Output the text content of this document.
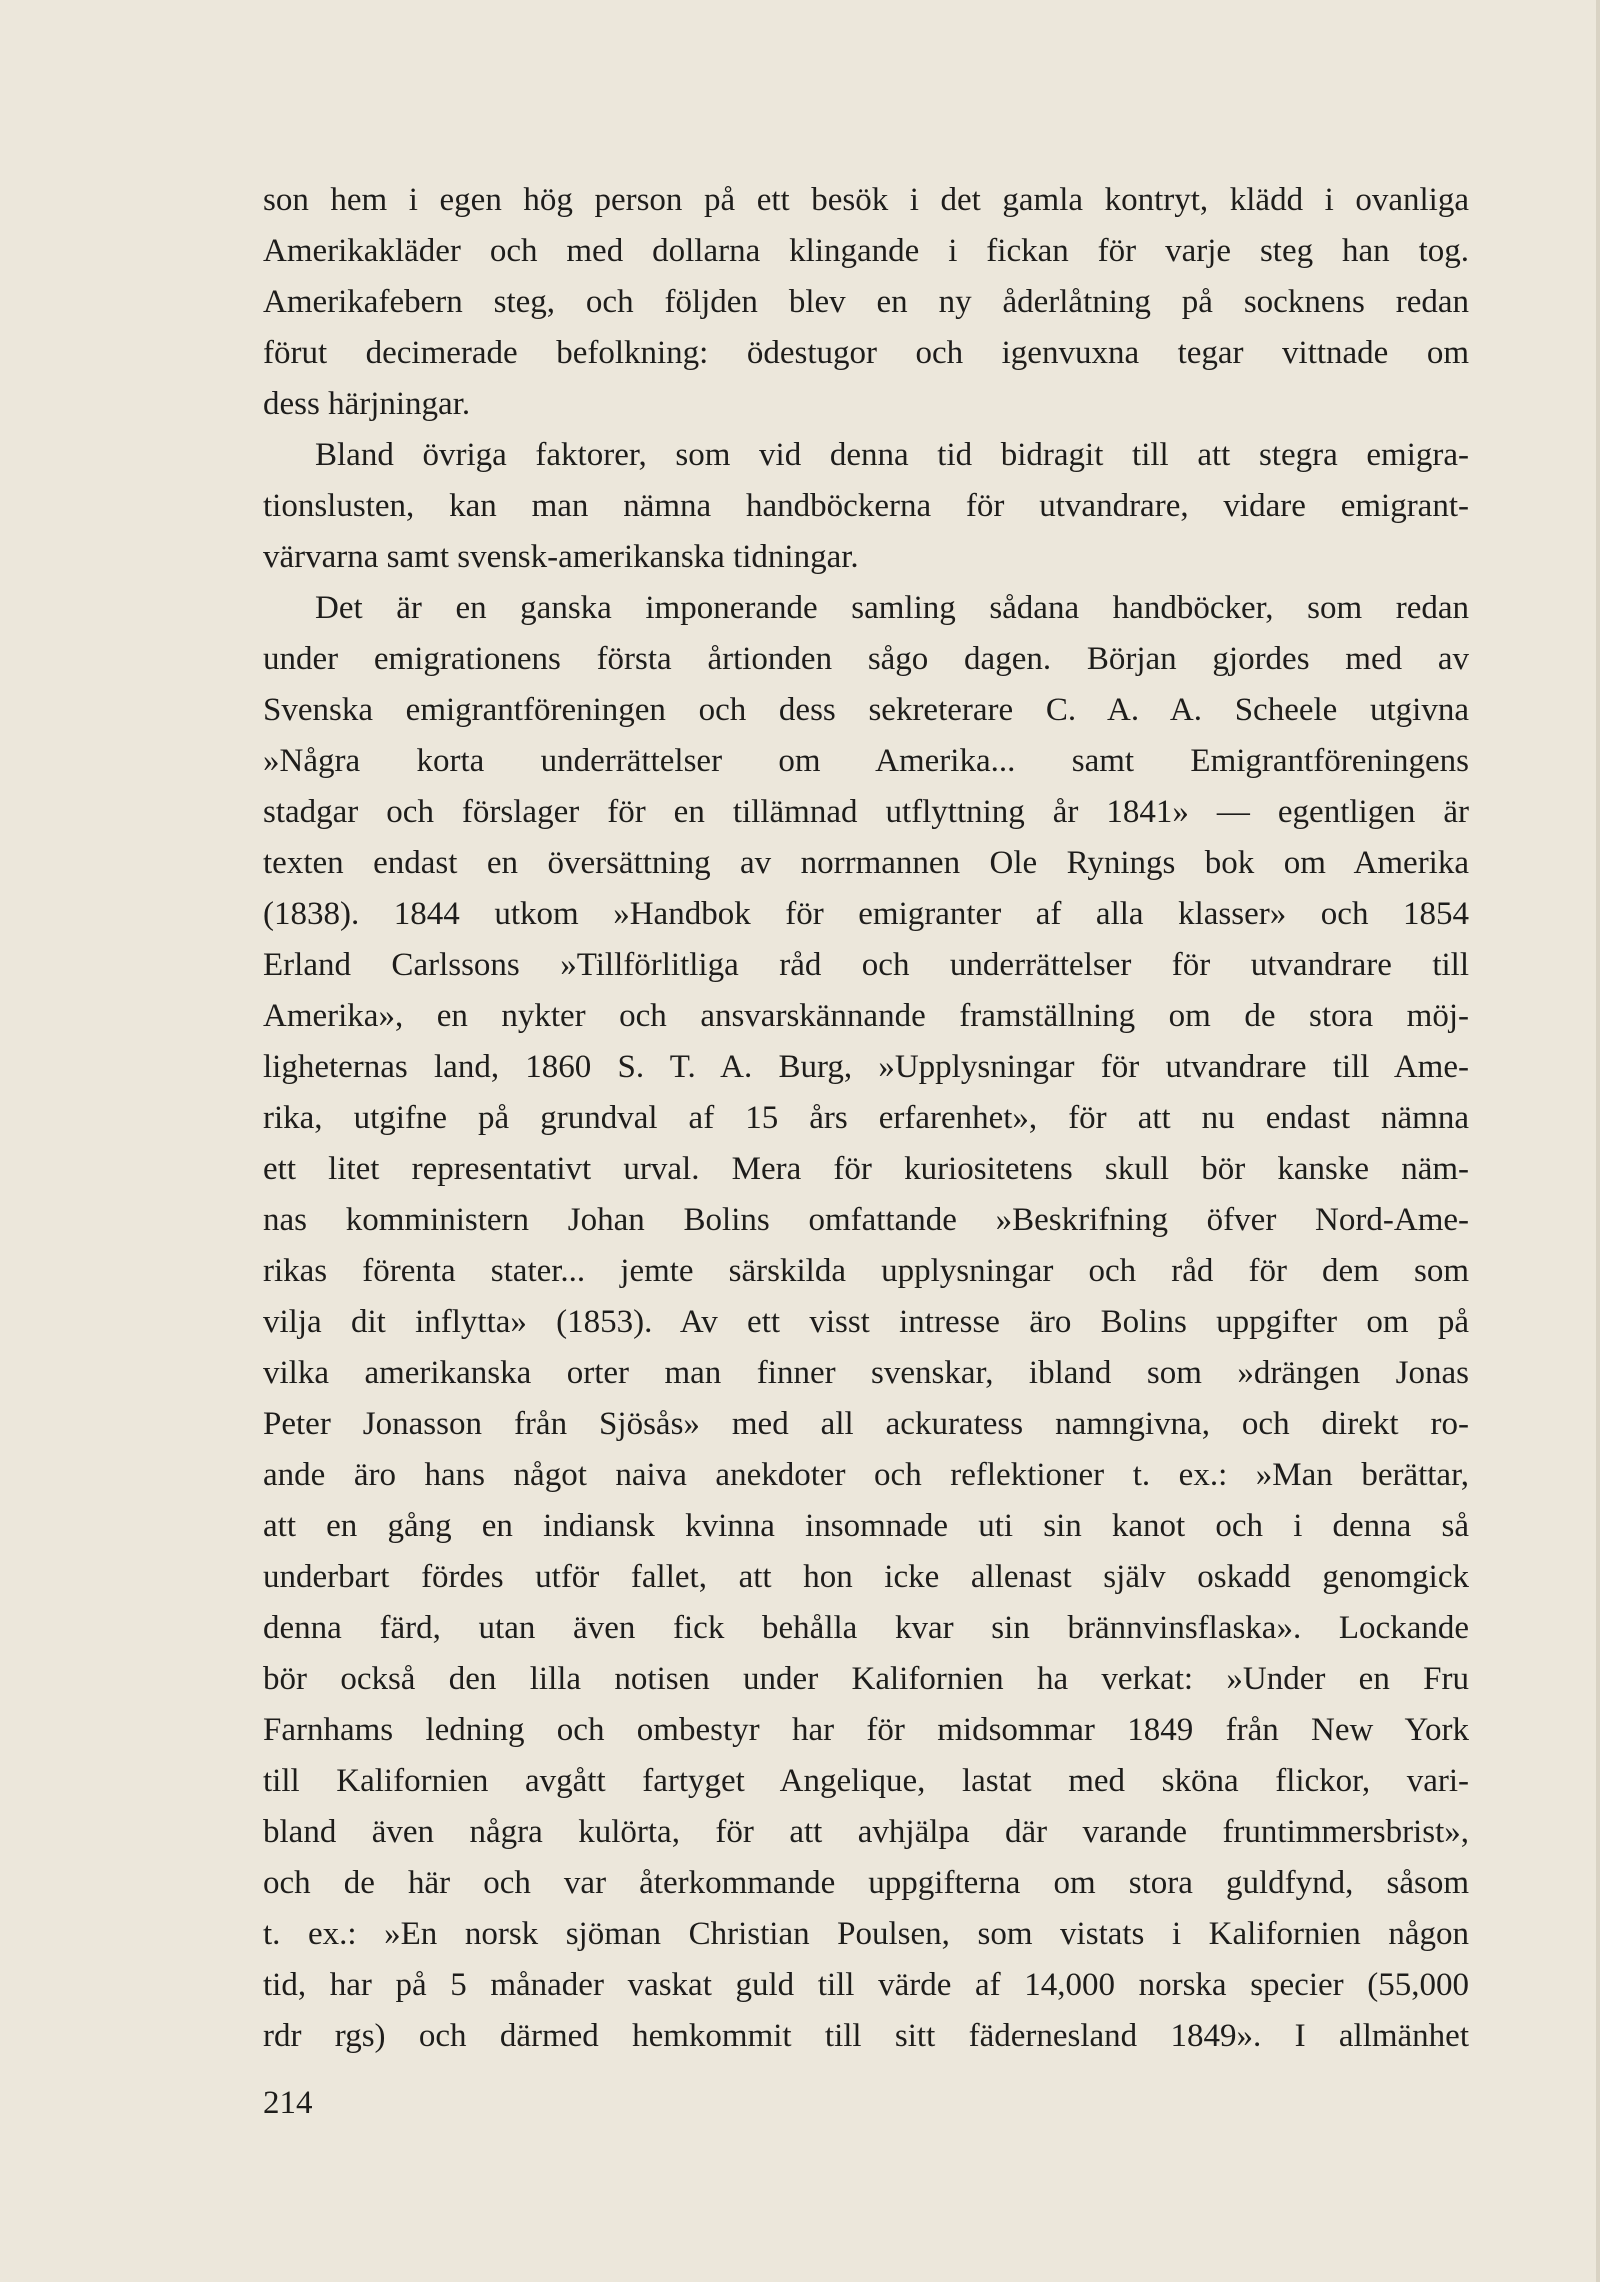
son hem i egen hög person på ett besök i det gamla kontryt, klädd i ovanliga
Amerikakläder och med dollarna klingande i fickan för varje steg han tog.
Amerikafebern steg, och följden blev en ny åderlåtning på socknens redan
förut decimerade befolkning: ödestugor och igenvuxna tegar vittnade om
dess härjningar.
Bland övriga faktorer, som vid denna tid bidragit till att stegra emigra-
tionslusten, kan man nämna handböckerna för utvandrare, vidare emigrant-
värvarna samt svensk-amerikanska tidningar.
Det är en ganska imponerande samling sådana handböcker, som redan
under emigrationens första årtionden sågo dagen. Början gjordes med av
Svenska emigrantföreningen och dess sekreterare C. A. A. Scheele utgivna
»Några korta underrättelser om Amerika... samt Emigrantföreningens
stadgar och förslager för en tillämnad utflyttning år 1841» — egentligen är
texten endast en översättning av norrmannen Ole Rynings bok om Amerika
(1838). 1844 utkom »Handbok för emigranter af alla klasser» och 1854
Erland Carlssons »Tillförlitliga råd och underrättelser för utvandrare till
Amerika», en nykter och ansvarskännande framställning om de stora möj-
ligheternas land, 1860 S. T. A. Burg, »Upplysningar för utvandrare till Ame-
rika, utgifne på grundval af 15 års erfarenhet», för att nu endast nämna
ett litet representativt urval. Mera för kuriositetens skull bör kanske näm-
nas komministern Johan Bolins omfattande »Beskrifning öfver Nord-Ame-
rikas förenta stater... jemte särskilda upplysningar och råd för dem som
vilja dit inflytta» (1853). Av ett visst intresse äro Bolins uppgifter om på
vilka amerikanska orter man finner svenskar, ibland som »drängen Jonas
Peter Jonasson från Sjösås» med all ackuratess namngivna, och direkt ro-
ande äro hans något naiva anekdoter och reflektioner t. ex.: »Man berättar,
att en gång en indiansk kvinna insomnade uti sin kanot och i denna så
underbart fördes utför fallet, att hon icke allenast själv oskadd genomgick
denna färd, utan även fick behålla kvar sin brännvinsflaska». Lockande
bör också den lilla notisen under Kalifornien ha verkat: »Under en Fru
Farnhams ledning och ombestyr har för midsommar 1849 från New York
till Kalifornien avgått fartyget Angelique, lastat med sköna flickor, vari-
bland även några kulörta, för att avhjälpa där varande fruntimmersbrist»,
och de här och var återkommande uppgifterna om stora guldfynd, såsom
t. ex.: »En norsk sjöman Christian Poulsen, som vistats i Kalifornien någon
tid, har på 5 månader vaskat guld till värde af 14,000 norska specier (55,000
rdr rgs) och därmed hemkommit till sitt fädernesland 1849». I allmänhet
214
